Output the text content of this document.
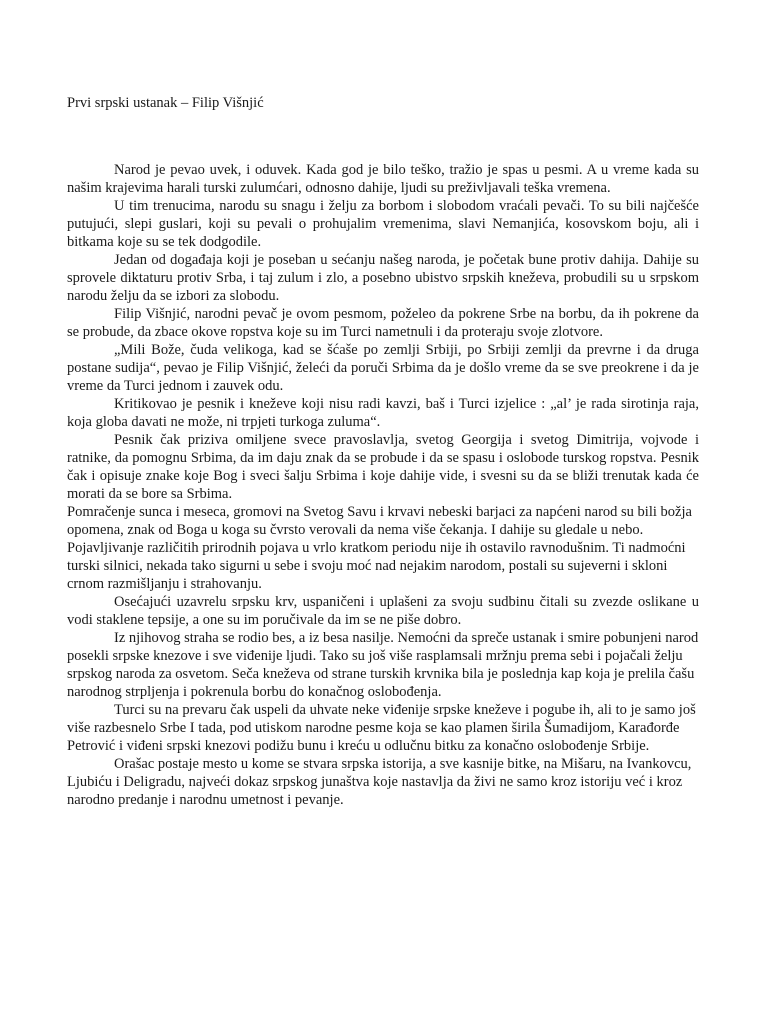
Prvi srpski ustanak – Filip Višnjić

Narod je pevao uvek, i oduvek. Kada god je bilo teško, tražio je spas u pesmi. A u vreme kada su našim krajevima harali turski zulumćari, odnosno dahije, ljudi su preživljavali teška vremena.

U tim trenucima, narodu su snagu i želju za borbom i slobodom vraćali pevači. To su bili najčešće putujući, slepi guslari, koji su pevali o prohujalim vremenima, slavi Nemanjića, kosovskom boju, ali i bitkama koje su se tek dodgodile.

Jedan od događaja koji je poseban u sećanju našeg naroda, je početak bune protiv dahija. Dahije su sprovele diktaturu protiv Srba, i taj zulum i zlo, a posebno ubistvo srpskih kneževa, probudili su u srpskom narodu želju da se izbori za slobodu.

Filip Višnjić, narodni pevač je ovom pesmom, poželeo da pokrene Srbe na borbu, da ih pokrene da se probude, da zbace okove ropstva koje su im Turci nametnuli i da proteraju svoje zlotvore.

„Mili Bože, čuda velikoga, kad se šćaše po zemlji Srbiji, po Srbiji zemlji da prevrne i da druga postane sudija“, pevao je Filip Višnjić, želeći da poruči Srbima da je došlo vreme da se sve preokrene i da je vreme da Turci jednom i zauvek odu.

Kritikovao je pesnik i kneževe koji nisu radi kavzi, baš i Turci izjelice : „al’ je rada sirotinja raja, koja globa davati ne može, ni trpjeti turkoga zuluma“.

Pesnik čak priziva omiljene svece pravoslavlja, svetog Georgija i svetog Dimitrija, vojvode i ratnike, da pomognu Srbima, da im daju znak da se probude i da se spasu i oslobode turskog ropstva. Pesnik čak i opisuje znake koje Bog i sveci šalju Srbima i koje dahije vide, i svesni su da se bliži trenutak kada će morati da se bore sa Srbima.

Pomračenje sunca i meseca, gromovi na Svetog Savu i krvavi nebeski barjaci za napćeni narod su bili božja opomena, znak od Boga u koga su čvrsto verovali da nema više čekanja. I dahije su gledale u nebo. Pojavljivanje različitih prirodnih pojava u vrlo kratkom periodu nije ih ostavilo ravnodušnim. Ti nadmoćni turski silnici, nekada tako sigurni u sebe i svoju moć nad nejakim narodom, postali su sujeverni i skloni crnom razmišljanju i strahovanju.

Osećajući uzavrelu srpsku krv, uspaničeni i uplašeni za svoju sudbinu čitali su zvezde oslikane u vodi staklene tepsije, a one su im poručivale da im se ne piše dobro.

Iz njihovog straha se rodio bes, a iz besa nasilje. Nemoćni da spreče ustanak i smire pobunjeni narod posekli srpske knezove i sve viđenije ljudi. Tako su još više rasplamsali mržnju prema sebi i pojačali želju srpskog naroda za osvetom. Seča kneževa od strane turskih krvnika bila je poslednja kap koja je prelila čašu narodnog strpljenja i pokrenula borbu do konačnog oslobođenja.

Turci su na prevaru čak uspeli da uhvate neke viđenije srpske kneževe i pogube ih, ali to je samo još više razbesnelo Srbe I tada, pod utiskom narodne pesme koja se kao plamen širila Šumadijom, Karađorđe Petrović i viđeni srpski knezovi podižu bunu i kreću u odlučnu bitku za konačno oslobođenje Srbije.

Orašac postaje mesto u kome se stvara srpska istorija, a sve kasnije bitke, na Mišaru, na Ivankovcu, Ljubiću i Deligradu, najveći dokaz srpskog junaštva koje nastavlja da živi ne samo kroz istoriju već i kroz narodno predanje i narodnu umetnost i pevanje.
